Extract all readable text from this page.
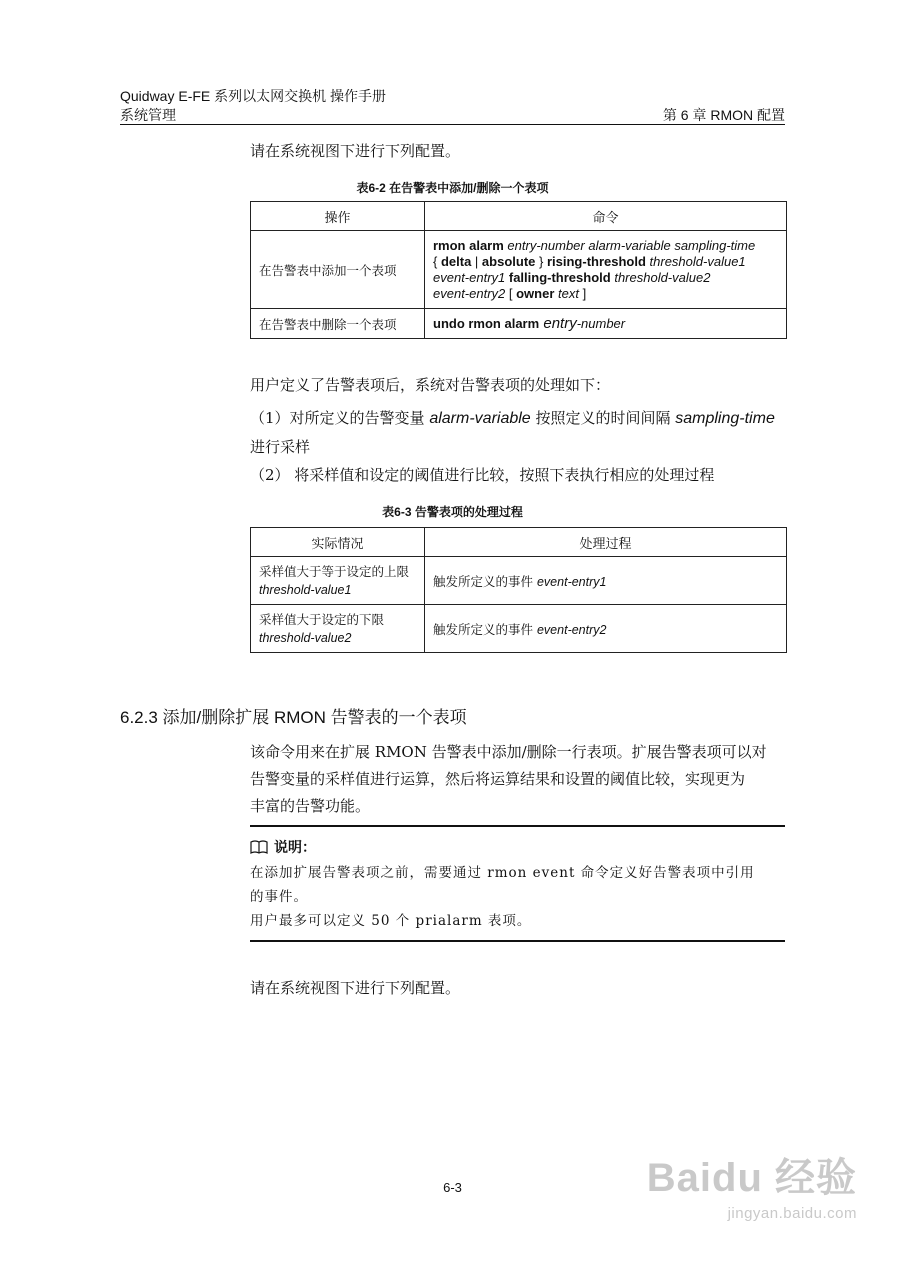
Quidway E-FE 系列以太网交换机 操作手册
系统管理	第 6 章 RMON 配置
请在系统视图下进行下列配置。
表6-2 在告警表中添加/删除一个表项
操作	命令
在告警表中添加一个表项	rmon alarm entry-number alarm-variable sampling-time
{ delta | absolute } rising-threshold threshold-value1
event-entry1 falling-threshold threshold-value2
event-entry2 [ owner text ]
在告警表中删除一个表项	undo rmon alarm entry-number
用户定义了告警表项后，系统对告警表项的处理如下：
（1）对所定义的告警变量 alarm-variable 按照定义的时间间隔 sampling-time
进行采样
（2） 将采样值和设定的阈值进行比较，按照下表执行相应的处理过程
表6-3 告警表项的处理过程
实际情况	处理过程
采样值大于等于设定的上限 threshold-value1	触发所定义的事件 event-entry1
采样值大于设定的下限 threshold-value2	触发所定义的事件 event-entry2
6.2.3 添加/删除扩展 RMON 告警表的一个表项
该命令用来在扩展 RMON 告警表中添加/删除一行表项。扩展告警表项可以对
告警变量的采样值进行运算，然后将运算结果和设置的阈值比较，实现更为
丰富的告警功能。
说明：
在添加扩展告警表项之前，需要通过 rmon event 命令定义好告警表项中引用
的事件。
用户最多可以定义 50 个 prialarm 表项。
请在系统视图下进行下列配置。
6-3	Baidu 经验
jingyan.baidu.com
